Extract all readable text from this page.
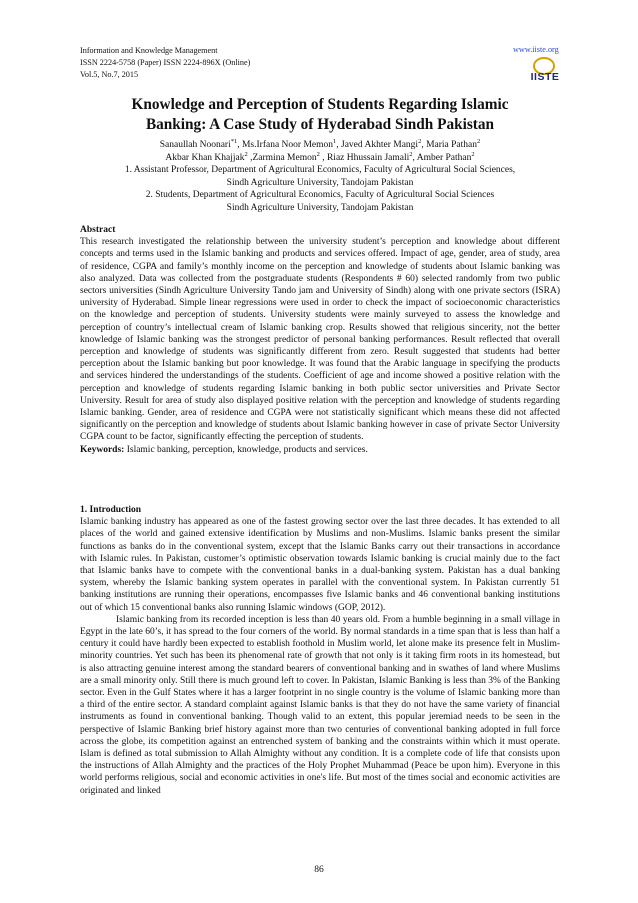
Information and Knowledge Management
ISSN 2224-5758 (Paper) ISSN 2224-896X (Online)
Vol.5, No.7, 2015
www.iiste.org
IISTE
Knowledge and Perception of Students Regarding Islamic
Banking: A Case Study of Hyderabad Sindh Pakistan
Sanaullah Noonari$^{*1}$, Ms.Irfana Noor Memon$^1$, Javed Akhter Mangi$^2$, Maria Pathan$^2$
Akbar Khan Khajjak$^2$ ,Zarmina Memon$^2$ , Riaz Hhussain Jamali$^2$, Amber Pathan$^2$
1. Assistant Professor, Department of Agricultural Economics, Faculty of Agricultural Social Sciences,
Sindh Agriculture University, Tandojam Pakistan
2. Students, Department of Agricultural Economics, Faculty of Agricultural Social Sciences
Sindh Agriculture University, Tandojam Pakistan
Abstract
This research investigated the relationship between the university student’s perception and knowledge about different concepts and terms used in the Islamic banking and products and services offered. Impact of age, gender, area of study, area of residence, CGPA and family’s monthly income on the perception and knowledge of students about Islamic banking was also analyzed. Data was collected from the postgraduate students (Respondents # 60) selected randomly from two public sectors universities (Sindh Agriculture University Tando jam and University of Sindh) along with one private sectors (ISRA) university of Hyderabad. Simple linear regressions were used in order to check the impact of socioeconomic characteristics on the knowledge and perception of students. University students were mainly surveyed to assess the knowledge and perception of country’s intellectual cream of Islamic banking crop. Results showed that religious sincerity, not the better knowledge of Islamic banking was the strongest predictor of personal banking performances. Result reflected that overall perception and knowledge of students was significantly different from zero. Result suggested that students had better perception about the Islamic banking but poor knowledge. It was found that the Arabic language in specifying the products and services hindered the understandings of the students. Coefficient of age and income showed a positive relation with the perception and knowledge of students regarding Islamic banking in both public sector universities and Private Sector University. Result for area of study also displayed positive relation with the perception and knowledge of students regarding Islamic banking. Gender, area of residence and CGPA were not statistically significant which means these did not affected significantly on the perception and knowledge of students about Islamic banking however in case of private Sector University CGPA count to be factor, significantly effecting the perception of students.
Keywords: Islamic banking, perception, knowledge, products and services.
1. Introduction
Islamic banking industry has appeared as one of the fastest growing sector over the last three decades. It has extended to all places of the world and gained extensive identification by Muslims and non-Muslims. Islamic banks present the similar functions as banks do in the conventional system, except that the Islamic Banks carry out their transactions in accordance with Islamic rules. In Pakistan, customer’s optimistic observation towards Islamic banking is crucial mainly due to the fact that Islamic banks have to compete with the conventional banks in a dual-banking system. Pakistan has a dual banking system, whereby the Islamic banking system operates in parallel with the conventional system. In Pakistan currently 51 banking institutions are running their operations, encompasses five Islamic banks and 46 conventional banking institutions out of which 15 conventional banks also running Islamic windows (GOP, 2012).
Islamic banking from its recorded inception is less than 40 years old. From a humble beginning in a small village in Egypt in the late 60’s, it has spread to the four corners of the world. By normal standards in a time span that is less than half a century it could have hardly been expected to establish foothold in Muslim world, let alone make its presence felt in Muslim-minority countries. Yet such has been its phenomenal rate of growth that not only is it taking firm roots in its homestead, but is also attracting genuine interest among the standard bearers of conventional banking and in swathes of land where Muslims are a small minority only. Still there is much ground left to cover. In Pakistan, Islamic Banking is less than 3% of the Banking sector. Even in the Gulf States where it has a larger footprint in no single country is the volume of Islamic banking more than a third of the entire sector. A standard complaint against Islamic banks is that they do not have the same variety of financial instruments as found in conventional banking. Though valid to an extent, this popular jeremiad needs to be seen in the perspective of Islamic Banking brief history against more than two centuries of conventional banking adopted in full force across the globe, its competition against an entrenched system of banking and the constraints within which it must operate. Islam is defined as total submission to Allah Almighty without any condition. It is a complete code of life that consists upon the instructions of Allah Almighty and the practices of the Holy Prophet Muhammad (Peace be upon him). Everyone in this world performs religious, social and economic activities in one's life. But most of the times social and economic activities are originated and linked
86
